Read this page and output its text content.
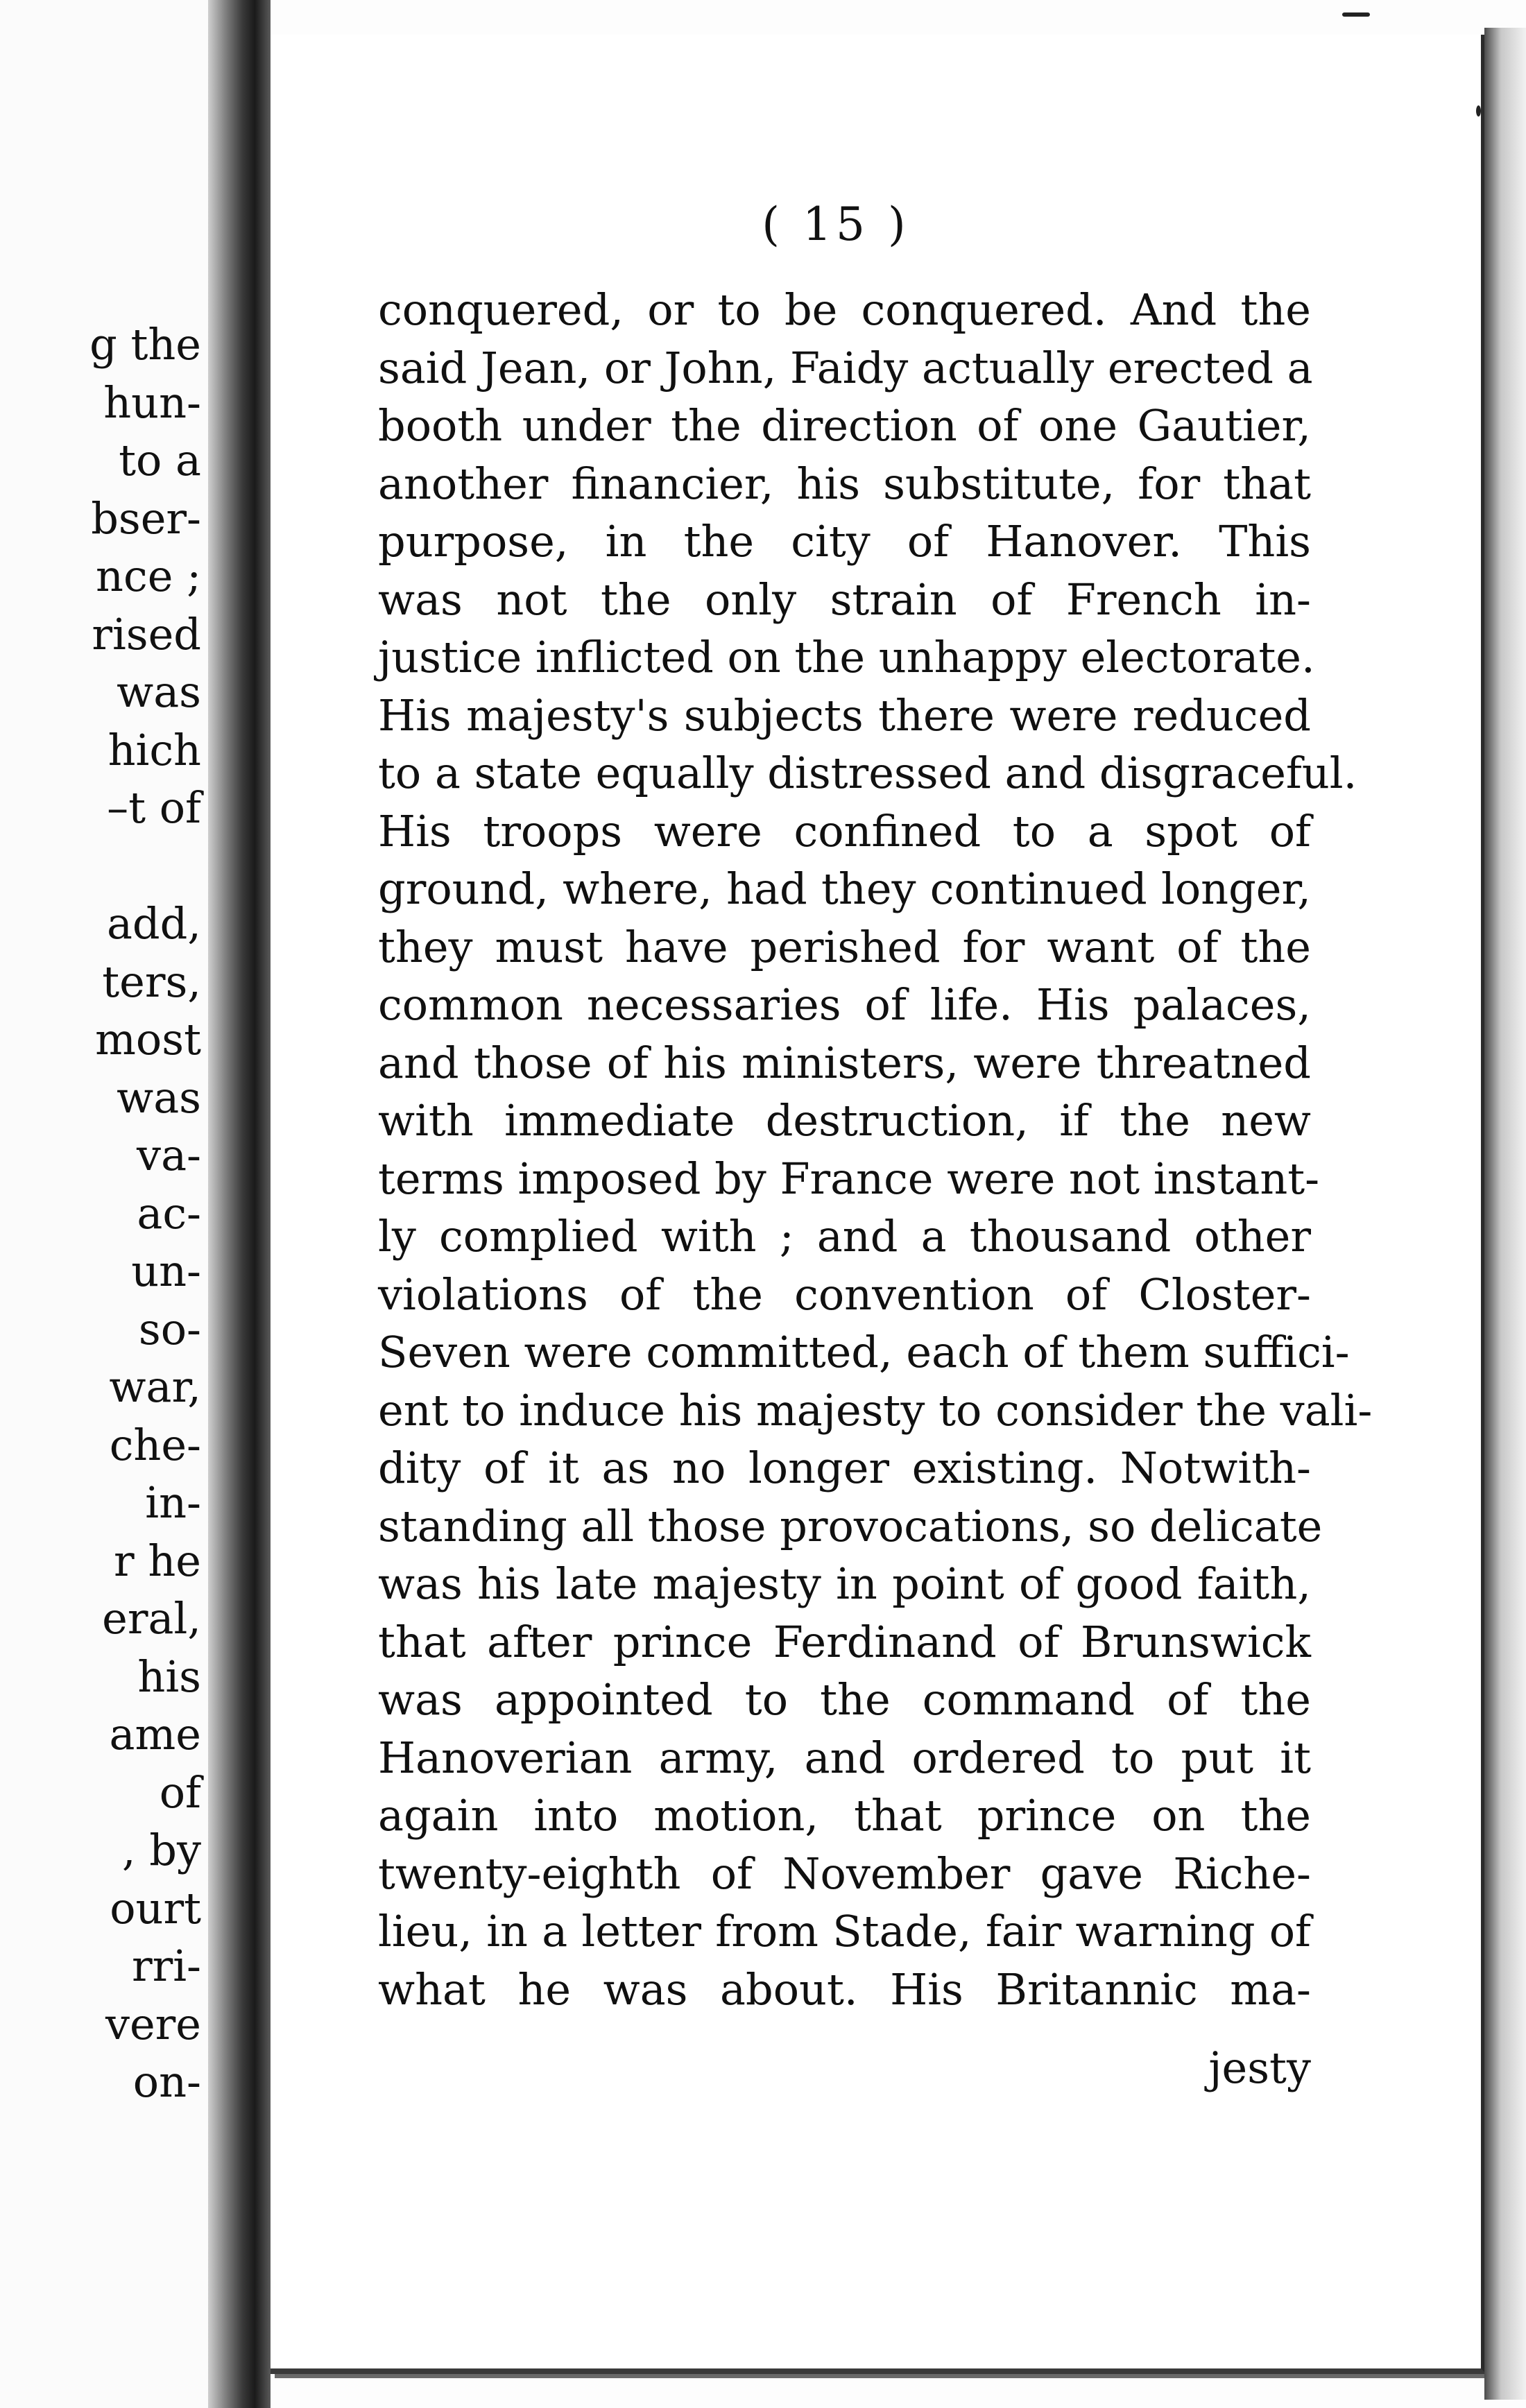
g the
hun-
to a
bser-
nce ;
rised
was
hich
–t of
add,
ters,
most
was
va-
ac-
un-
so-
war,
che-
in-
r he
eral,
his
ame
of
, by
ourt
rri-
vere
on-
( 15 )
conquered, or to be conquered. And the
said Jean, or John, Faidy actually erected a
booth under the direction of one Gautier,
another financier, his substitute, for that
purpose, in the city of Hanover. This
was not the only strain of French in-
justice inflicted on the unhappy electorate.
His majesty's subjects there were reduced
to a state equally distressed and disgraceful.
His troops were confined to a spot of
ground, where, had they continued longer,
they must have perished for want of the
common necessaries of life. His palaces,
and those of his ministers, were threatned
with immediate destruction, if the new
terms imposed by France were not instant-
ly complied with ; and a thousand other
violations of the convention of Closter-
Seven were committed, each of them suffici-
ent to induce his majesty to consider the vali-
dity of it as no longer existing. Notwith-
standing all those provocations, so delicate
was his late majesty in point of good faith,
that after prince Ferdinand of Brunswick
was appointed to the command of the
Hanoverian army, and ordered to put it
again into motion, that prince on the
twenty-eighth of November gave Riche-
lieu, in a letter from Stade, fair warning of
what he was about. His Britannic ma-
jesty
